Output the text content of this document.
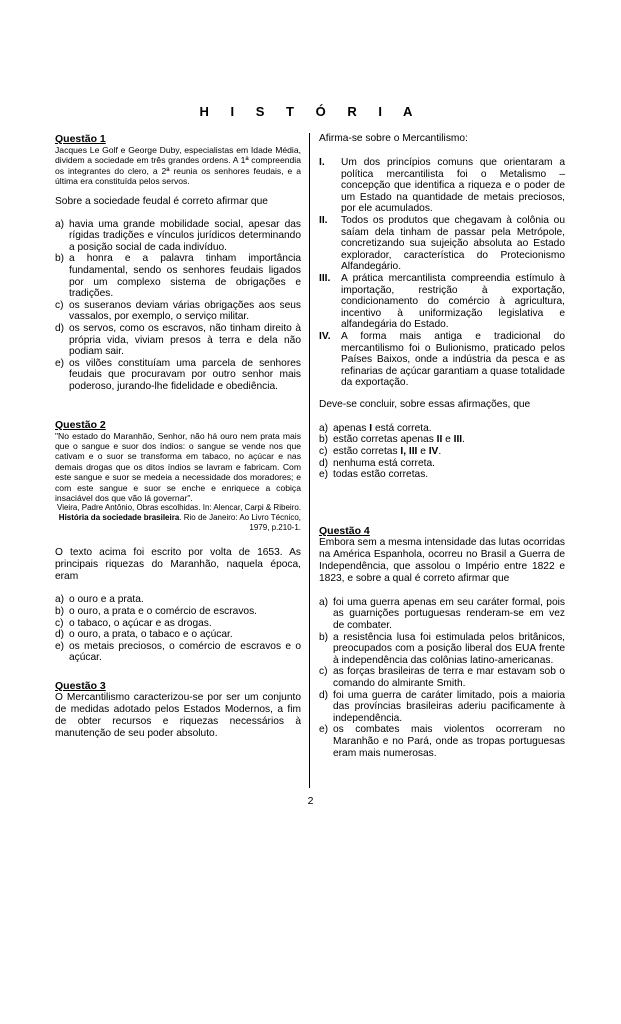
H I S T Ó R I A
Questão 1
Jacques Le Golf e George Duby, especialistas em Idade Média, dividem a sociedade em três grandes ordens. A 1ª compreendia os integrantes do clero, a 2ª reunia os senhores feudais, e a última era constituída pelos servos.
Sobre a sociedade feudal é correto afirmar que
a) havia uma grande mobilidade social, apesar das rígidas tradições e vínculos jurídicos determinando a posição social de cada indivíduo.
b) a honra e a palavra tinham importância fundamental, sendo os senhores feudais ligados por um complexo sistema de obrigações e tradições.
c) os suseranos deviam várias obrigações aos seus vassalos, por exemplo, o serviço militar.
d) os servos, como os escravos, não tinham direito à própria vida, viviam presos à terra e dela não podiam sair.
e) os vilões constituíam uma parcela de senhores feudais que procuravam por outro senhor mais poderoso, jurando-lhe fidelidade e obediência.
Questão 2
"No estado do Maranhão, Senhor, não há ouro nem prata mais que o sangue e suor dos índios: o sangue se vende nos que cativam e o suor se transforma em tabaco, no açúcar e nas demais drogas que os ditos índios se lavram e fabricam. Com este sangue e suor se medeia a necessidade dos moradores; e com este sangue e suor se enche e enriquece a cobiça insaciável dos que vão lá governar".
Vieira, Padre Antônio, Obras escolhidas. In: Alencar, Carpi & Ribeiro. História da sociedade brasileira. Rio de Janeiro: Ao Livro Técnico, 1979, p.210-1.
O texto acima foi escrito por volta de 1653. As principais riquezas do Maranhão, naquela época, eram
a) o ouro e a prata.
b) o ouro, a prata e o comércio de escravos.
c) o tabaco, o açúcar e as drogas.
d) o ouro, a prata, o tabaco e o açúcar.
e) os metais preciosos, o comércio de escravos e o açúcar.
Questão 3
O Mercantilismo caracterizou-se por ser um conjunto de medidas adotado pelos Estados Modernos, a fim de obter recursos e riquezas necessários à manutenção de seu poder absoluto.
Afirma-se sobre o Mercantilismo:
I.	Um dos princípios comuns que orientaram a política mercantilista foi o Metalismo – concepção que identifica a riqueza e o poder de um Estado na quantidade de metais preciosos, por ele acumulados.
II.	Todos os produtos que chegavam à colônia ou saíam dela tinham de passar pela Metrópole, concretizando sua sujeição absoluta ao Estado explorador, característica do Protecionismo Alfandegário.
III.	A prática mercantilista compreendia estímulo à importação, restrição à exportação, condicionamento do comércio à agricultura, incentivo à uniformização legislativa e alfandegária do Estado.
IV.	A forma mais antiga e tradicional do mercantilismo foi o Bulionismo, praticado pelos Países Baixos, onde a indústria da pesca e as refinarias de açúcar garantiam a quase totalidade da exportação.
Deve-se concluir, sobre essas afirmações, que
a) apenas I está correta.
b) estão corretas apenas II e III.
c) estão corretas I, III e IV.
d) nenhuma está correta.
e) todas estão corretas.
Questão 4
Embora sem a mesma intensidade das lutas ocorridas na América Espanhola, ocorreu no Brasil a Guerra de Independência, que assolou o Império entre 1822 e 1823, e sobre a qual é correto afirmar que
a) foi uma guerra apenas em seu caráter formal, pois as guarnições portuguesas renderam-se em vez de combater.
b) a resistência lusa foi estimulada pelos britânicos, preocupados com a posição liberal dos EUA frente à independência das colônias latino-americanas.
c) as forças brasileiras de terra e mar estavam sob o comando do almirante Smith.
d) foi uma guerra de caráter limitado, pois a maioria das províncias brasileiras aderiu pacificamente à independência.
e) os combates mais violentos ocorreram no Maranhão e no Pará, onde as tropas portuguesas eram mais numerosas.
2
